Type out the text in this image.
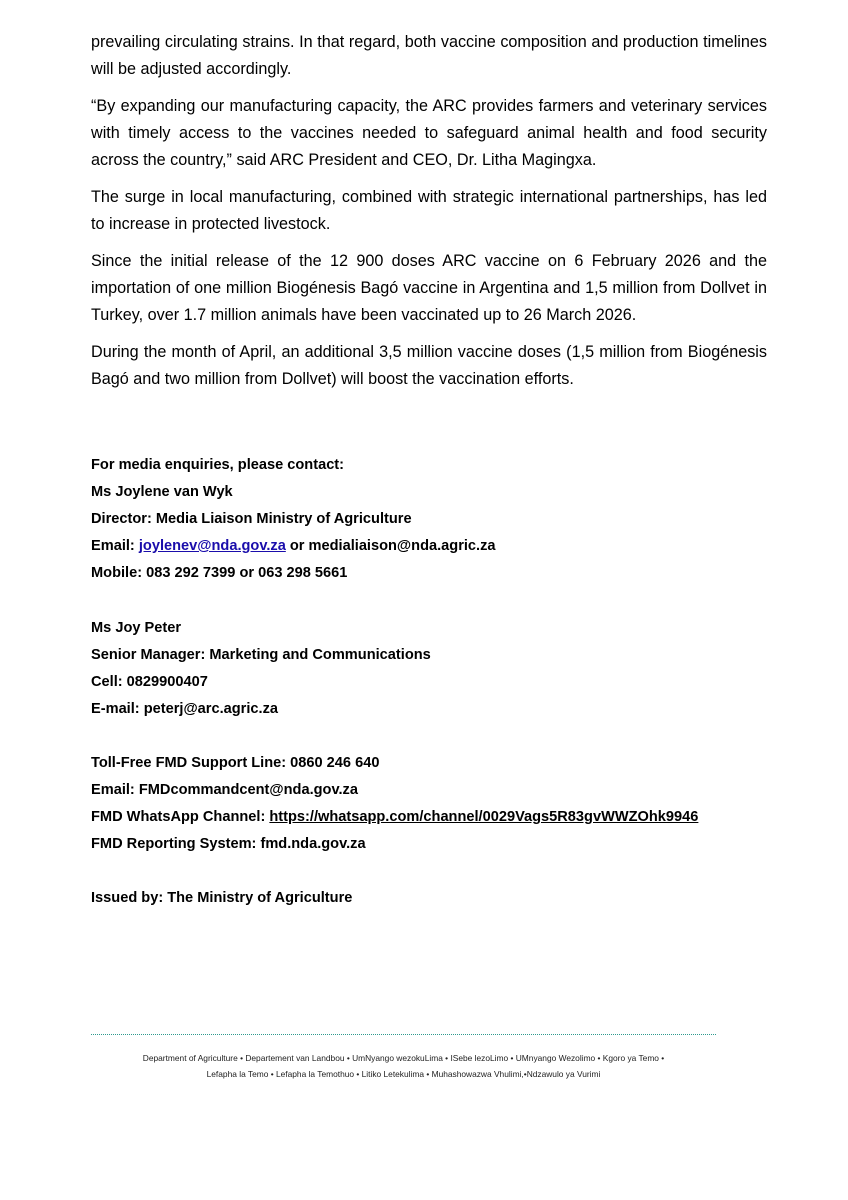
prevailing circulating strains. In that regard, both vaccine composition and production timelines will be adjusted accordingly.

“By expanding our manufacturing capacity, the ARC provides farmers and veterinary services with timely access to the vaccines needed to safeguard animal health and food security across the country,” said ARC President and CEO, Dr. Litha Magingxa.

The surge in local manufacturing, combined with strategic international partnerships, has led to increase in protected livestock.

Since the initial release of the 12 900 doses ARC vaccine on 6 February 2026 and the importation of one million Biogénesis Bagó vaccine in Argentina and 1,5 million from Dollvet in Turkey, over 1.7 million animals have been vaccinated up to 26 March 2026.

During the month of April, an additional 3,5 million vaccine doses (1,5 million from Biogénesis Bagó and two million from Dollvet) will boost the vaccination efforts.

For media enquiries, please contact:
Ms Joylene van Wyk
Director: Media Liaison Ministry of Agriculture
Email: joylenev@nda.gov.za or medialiaison@nda.agric.za
Mobile: 083 292 7399 or 063 298 5661
Ms Joy Peter
Senior Manager: Marketing and Communications
Cell: 0829900407
E-mail: peterj@arc.agric.za
Toll-Free FMD Support Line: 0860 246 640
Email: FMDcommandcent@nda.gov.za
FMD WhatsApp Channel: https://whatsapp.com/channel/0029Vags5R83gvWWZOhk9946
FMD Reporting System: fmd.nda.gov.za
Issued by: The Ministry of Agriculture
Department of Agriculture • Departement van Landbou • UmNyango wezokuLima • ISebe lezoLimo • UMnyango Wezolimo • Kgoro ya Temo •
Lefapha la Temo • Lefapha la Temothuo • Litiko Letekulima • Muhashowazwa Vhulimi,•Ndzawulo ya Vurimi
